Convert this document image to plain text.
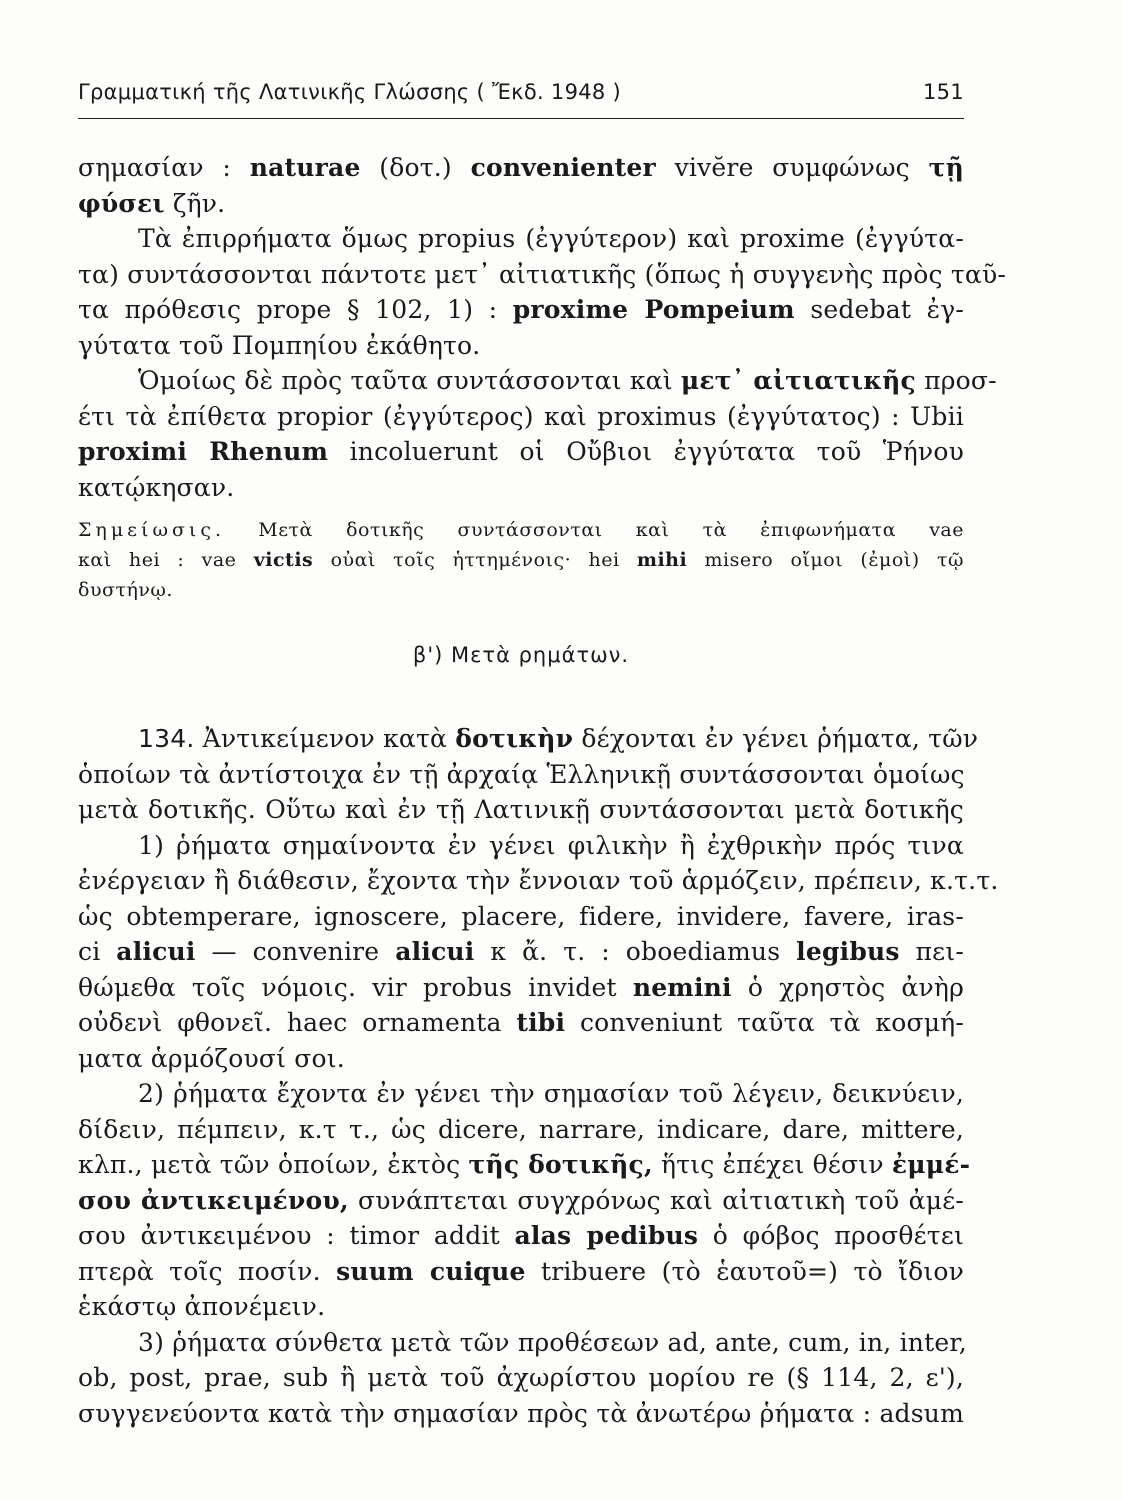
Γραμματική τῆς Λατινικῆς Γλώσσης ( Ἔκδ. 1948 )	151
σημασίαν : naturae (δοτ.) convenienter vivĕre συμφώνως τῇ
φύσει ζῆν.
Τὰ ἐπιρρήματα ὅμως propius (ἐγγύτερον) καὶ proxime (ἐγγύτα-
τα) συντάσσονται πάντοτε μετ᾽ αἰτιατικῆς (ὅπως ἡ συγγενὴς πρὸς ταῦ-
τα πρόθεσις prope § 102, 1) : proxime Pompeium sedebat ἐγ-
γύτατα τοῦ Πομπηίου ἐκάθητο.
Ὁμοίως δὲ πρὸς ταῦτα συντάσσονται καὶ μετ᾽ αἰτιατικῆς προσ-
έτι τὰ ἐπίθετα propior (ἐγγύτερος) καὶ proximus (ἐγγύτατος) : Ubii
proximi Rhenum incoluerunt οἱ Οὔβιοι ἐγγύτατα τοῦ Ῥήνου
κατῴκησαν.
Σημείωσις. Μετὰ δοτικῆς συντάσσονται καὶ τὰ ἐπιφωνήματα vae
καὶ hei : vae victis οὐαὶ τοῖς ἡττημένοις· hei mihi misero οἴμοι (ἐμοὶ) τῷ
δυστήνῳ.
β') Μετὰ ρημάτων.
134. Ἀντικείμενον κατὰ δοτικὴν δέχονται ἐν γένει ῥήματα, τῶν
ὁποίων τὰ ἀντίστοιχα ἐν τῇ ἀρχαίᾳ Ἑλληνικῇ συντάσσονται ὁμοίως
μετὰ δοτικῆς. Οὕτω καὶ ἐν τῇ Λατινικῇ συντάσσονται μετὰ δοτικῆς
1) ῥήματα σημαίνοντα ἐν γένει φιλικὴν ἢ ἐχθρικὴν πρός τινα
ἐνέργειαν ἢ διάθεσιν, ἔχοντα τὴν ἔννοιαν τοῦ ἁρμόζειν, πρέπειν, κ.τ.τ.
ὡς obtemperare, ignoscere, placere, fidere, invidere, favere, iras-
ci alicui — convenire alicui κ ἄ. τ. : oboediamus legibus πει-
θώμεθα τοῖς νόμοις. vir probus invidet nemini ὁ χρηστὸς ἀνὴρ
οὐδενὶ φθονεῖ. haec ornamenta tibi conveniunt ταῦτα τὰ κοσμή-
ματα ἁρμόζουσί σοι.
2) ῥήματα ἔχοντα ἐν γένει τὴν σημασίαν τοῦ λέγειν, δεικνύειν,
δίδειν, πέμπειν, κ.τ τ., ὡς dicere, narrare, indicare, dare, mittere,
κλπ., μετὰ τῶν ὁποίων, ἐκτὸς τῆς δοτικῆς, ἥτις ἐπέχει θέσιν ἐμμέ-
σου ἀντικειμένου, συνάπτεται συγχρόνως καὶ αἰτιατικὴ τοῦ ἀμέ-
σου ἀντικειμένου : timor addit alas pedibus ὁ φόβος προσθέτει
πτερὰ τοῖς ποσίν. suum cuique tribuere (τὸ ἑαυτοῦ=) τὸ ἴδιον
ἑκάστῳ ἀπονέμειν.
3) ῥήματα σύνθετα μετὰ τῶν προθέσεων ad, ante, cum, in, inter,
ob, post, prae, sub ἢ μετὰ τοῦ ἀχωρίστου μορίου re (§ 114, 2, ε'),
συγγενεύοντα κατὰ τὴν σημασίαν πρὸς τὰ ἀνωτέρω ῥήματα : adsum
